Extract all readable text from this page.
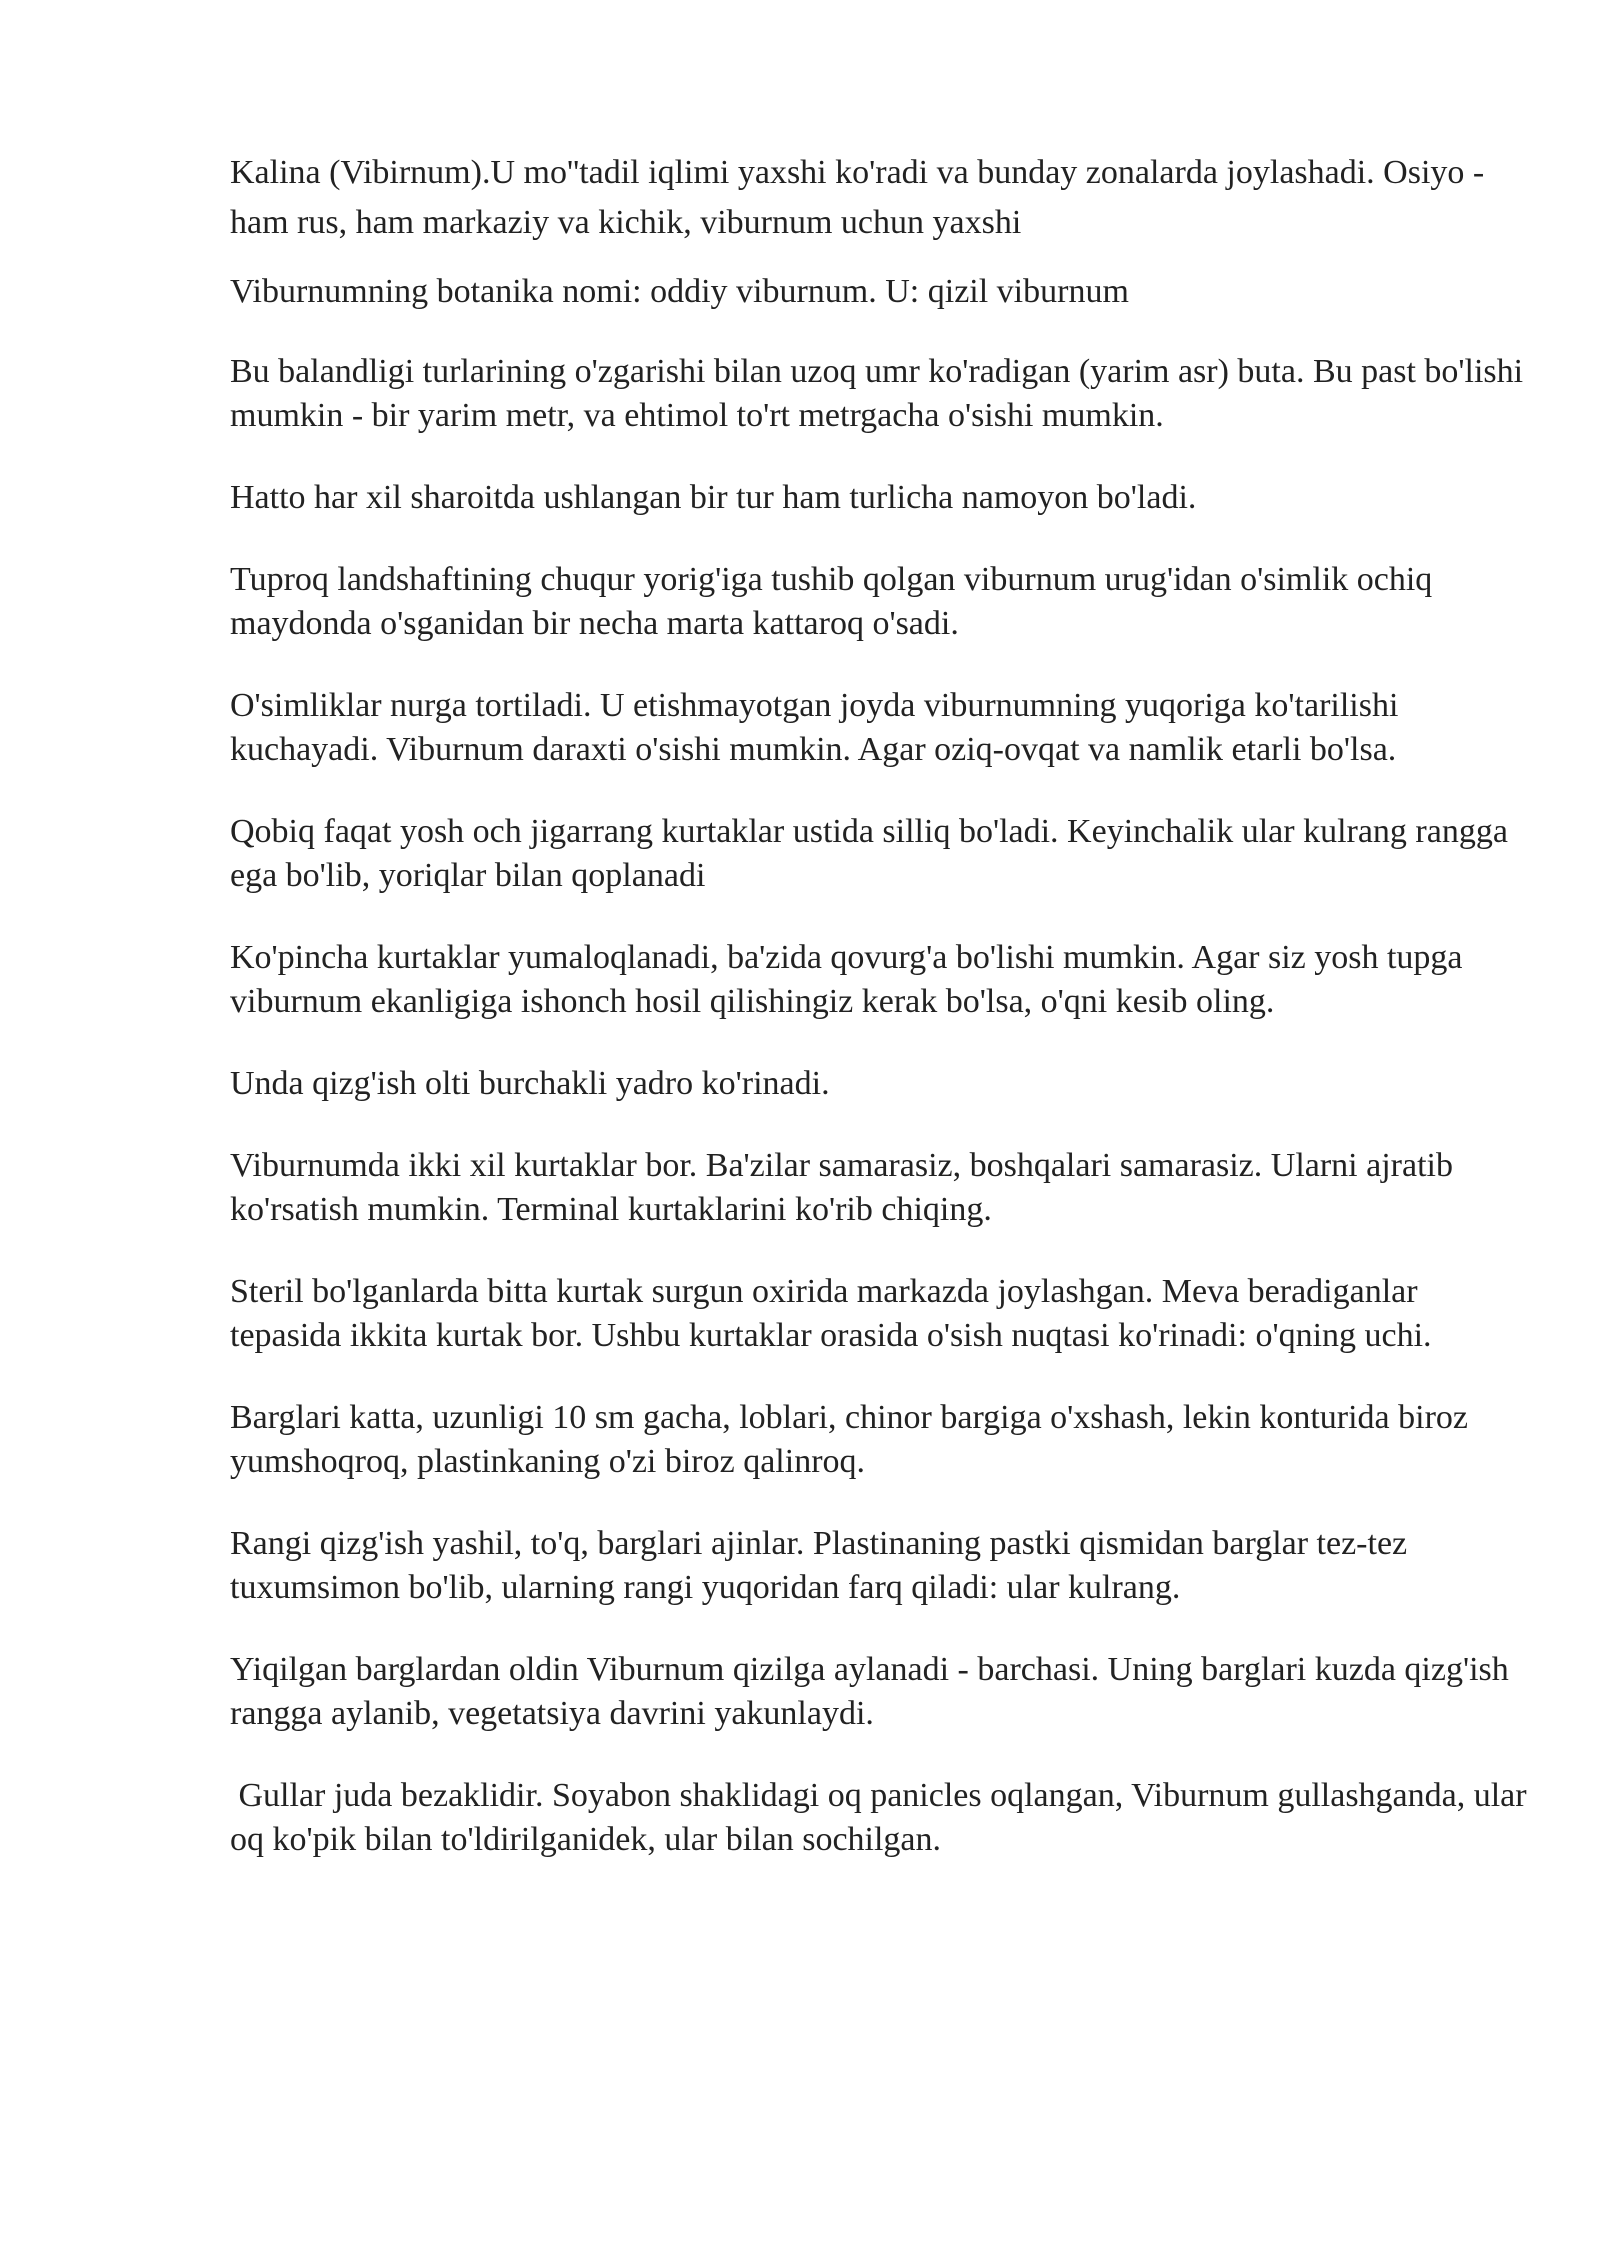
Kalina (Vibirnum).U mo''tadil iqlimi yaxshi ko'radi va bunday zonalarda joylashadi. Osiyo - ham rus, ham markaziy va kichik, viburnum uchun yaxshi

Viburnumning botanika nomi: oddiy viburnum. U: qizil viburnum

Bu balandligi turlarining o'zgarishi bilan uzoq umr ko'radigan (yarim asr) buta. Bu past bo'lishi mumkin - bir yarim metr, va ehtimol to'rt metrgacha o'sishi mumkin.

Hatto har xil sharoitda ushlangan bir tur ham turlicha namoyon bo'ladi.

Tuproq landshaftining chuqur yorig'iga tushib qolgan viburnum urug'idan o'simlik ochiq maydonda o'sganidan bir necha marta kattaroq o'sadi.

O'simliklar nurga tortiladi. U etishmayotgan joyda viburnumning yuqoriga ko'tarilishi kuchayadi. Viburnum daraxti o'sishi mumkin. Agar oziq-ovqat va namlik etarli bo'lsa.

Qobiq faqat yosh och jigarrang kurtaklar ustida silliq bo'ladi. Keyinchalik ular kulrang rangga ega bo'lib, yoriqlar bilan qoplanadi

Ko'pincha kurtaklar yumaloqlanadi, ba'zida qovurg'a bo'lishi mumkin. Agar siz yosh tupga viburnum ekanligiga ishonch hosil qilishingiz kerak bo'lsa, o'qni kesib oling.

Unda qizg'ish olti burchakli yadro ko'rinadi.

Viburnumda ikki xil kurtaklar bor. Ba'zilar samarasiz, boshqalari samarasiz. Ularni ajratib ko'rsatish mumkin. Terminal kurtaklarini ko'rib chiqing.

Steril bo'lganlarda bitta kurtak surgun oxirida markazda joylashgan. Meva beradiganlar tepasida ikkita kurtak bor. Ushbu kurtaklar orasida o'sish nuqtasi ko'rinadi: o'qning uchi.

Barglari katta, uzunligi 10 sm gacha, loblari, chinor bargiga o'xshash, lekin konturida biroz yumshoqroq, plastinkaning o'zi biroz qalinroq.

Rangi qizg'ish yashil, to'q, barglari ajinlar. Plastinaning pastki qismidan barglar tez-tez tuxumsimon bo'lib, ularning rangi yuqoridan farq qiladi: ular kulrang.

Yiqilgan barglardan oldin Viburnum qizilga aylanadi - barchasi. Uning barglari kuzda qizg'ish rangga aylanib, vegetatsiya davrini yakunlaydi.

Gullar juda bezaklidir. Soyabon shaklidagi oq panicles oqlangan, Viburnum gullashganda, ular oq ko'pik bilan to'ldirilganidek, ular bilan sochilgan.
